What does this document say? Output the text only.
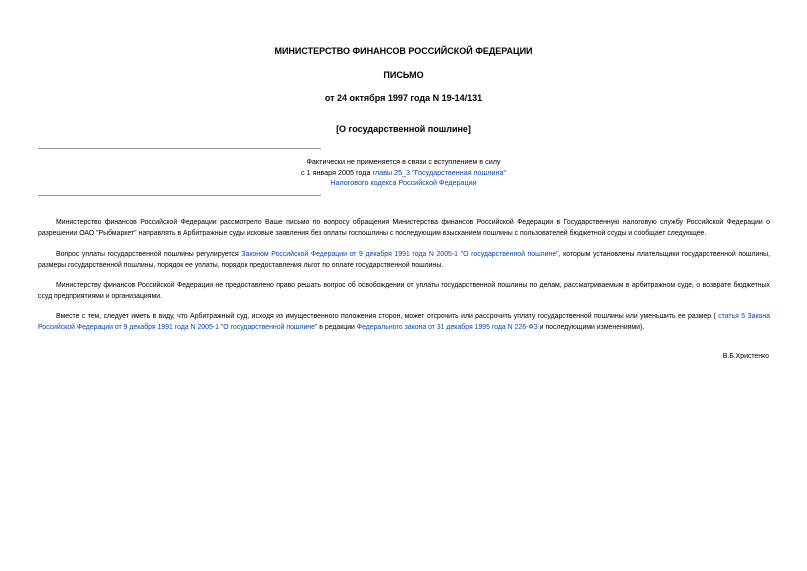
МИНИСТЕРСТВО ФИНАНСОВ РОССИЙСКОЙ ФЕДЕРАЦИИ
ПИСЬМО
от 24 октября 1997 года N 19-14/131
[О государственной пошлине]
Фактически не применяется в связи с вступлением в силу
с 1 января 2005 года главы 25_3 "Государственная пошлина"
Налогового кодекса Российской Федерации
Министерство финансов Российской Федерации рассмотрело Ваше письмо по вопросу обращения Министерства финансов Российской Федерации в Государственную налоговую службу Российской Федерации о разрешении ОАО "Рыбмаркет" направлять в Арбитражные суды исковые заявления без оплаты госпошлины с последующим взысканием пошлины с пользователей бюджетной ссуды и сообщает следующее.
Вопрос уплаты государственной пошлины регулируется Законом Российской Федерации от 9 декабря 1991 года N 2005-1 "О государственной пошлине", которым установлены плательщики государственной пошлины, размеры государственной пошлины, порядок ее уплаты, порядок предоставления льгот по оплате государственной пошлины.
Министерству финансов Российской Федерации не предоставлено право решать вопрос об освобождении от уплаты государственной пошлины по делам, рассматриваемым в арбитражном суде, о возврате бюджетных ссуд предприятиями и организациями.
Вместе с тем, следует иметь в виду, что Арбитражный суд, исходя из имущественного положения сторон, может отсрочить или рассрочить уплату государственной пошлины или уменьшить ее размер ( статья 5 Закона Российской Федерации от 9 декабря 1991 года N 2005-1 "О государственной пошлине" в редакции Федерального закона от 31 декабря 1995 года N 226-ФЗ и последующими изменениями).
В.Б.Христенко
